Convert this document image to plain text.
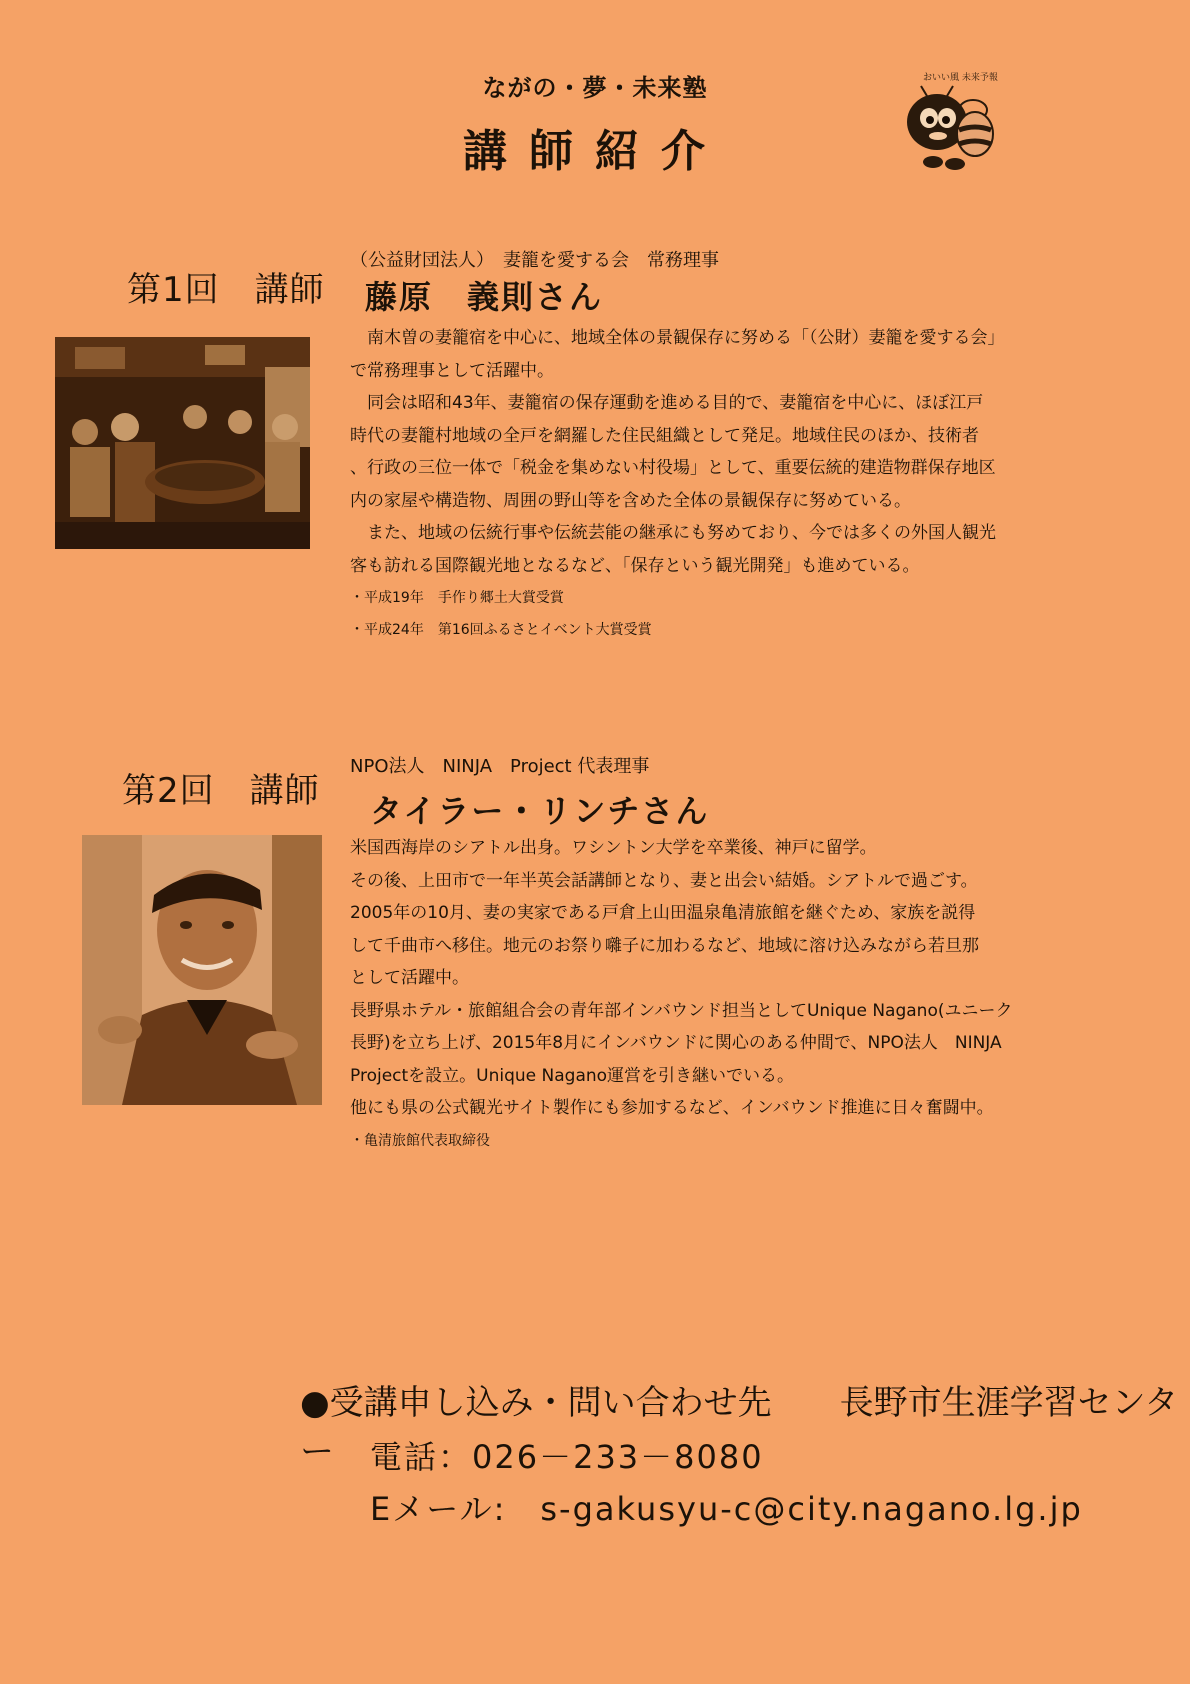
ながの・夢・未来塾
講師紹介
おいい風 未来予報
第1回　講師
（公益財団法人）　妻籠を愛する会　常務理事
藤原　義則さん

南木曽の妻籠宿を中心に、地域全体の景観保存に努める「（公財）妻籠を愛する会」

で常務理事として活躍中。

同会は昭和43年、妻籠宿の保存運動を進める目的で、妻籠宿を中心に、ほぼ江戸

時代の妻籠村地域の全戸を網羅した住民組織として発足。地域住民のほか、技術者

、行政の三位一体で「税金を集めない村役場」として、重要伝統的建造物群保存地区

内の家屋や構造物、周囲の野山等を含めた全体の景観保存に努めている。

また、地域の伝統行事や伝統芸能の継承にも努めており、今では多くの外国人観光

客も訪れる国際観光地となるなど、「保存という観光開発」も進めている。

・平成19年　手作り郷土大賞受賞

・平成24年　第16回ふるさとイベント大賞受賞

第2回　講師
NPO法人　NINJA　Project 代表理事
タイラー・リンチさん

米国西海岸のシアトル出身。ワシントン大学を卒業後、神戸に留学。

その後、上田市で一年半英会話講師となり、妻と出会い結婚。シアトルで過ごす。

2005年の10月、妻の実家である戸倉上山田温泉亀清旅館を継ぐため、家族を説得

して千曲市へ移住。地元のお祭り囃子に加わるなど、地域に溶け込みながら若旦那

として活躍中。

長野県ホテル・旅館組合会の青年部インバウンド担当としてUnique Nagano(ユニーク

長野)を立ち上げ、2015年8月にインバウンドに関心のある仲間で、NPO法人　NINJA

Projectを設立。Unique Nagano運営を引き継いでいる。

他にも県の公式観光サイト製作にも参加するなど、インバウンド推進に日々奮闘中。

・亀清旅館代表取締役

●受講申し込み・問い合わせ先　　長野市生涯学習センター	電話：026－233－8080
Eメール:　s-gakusyu-c@city.nagano.lg.jp
